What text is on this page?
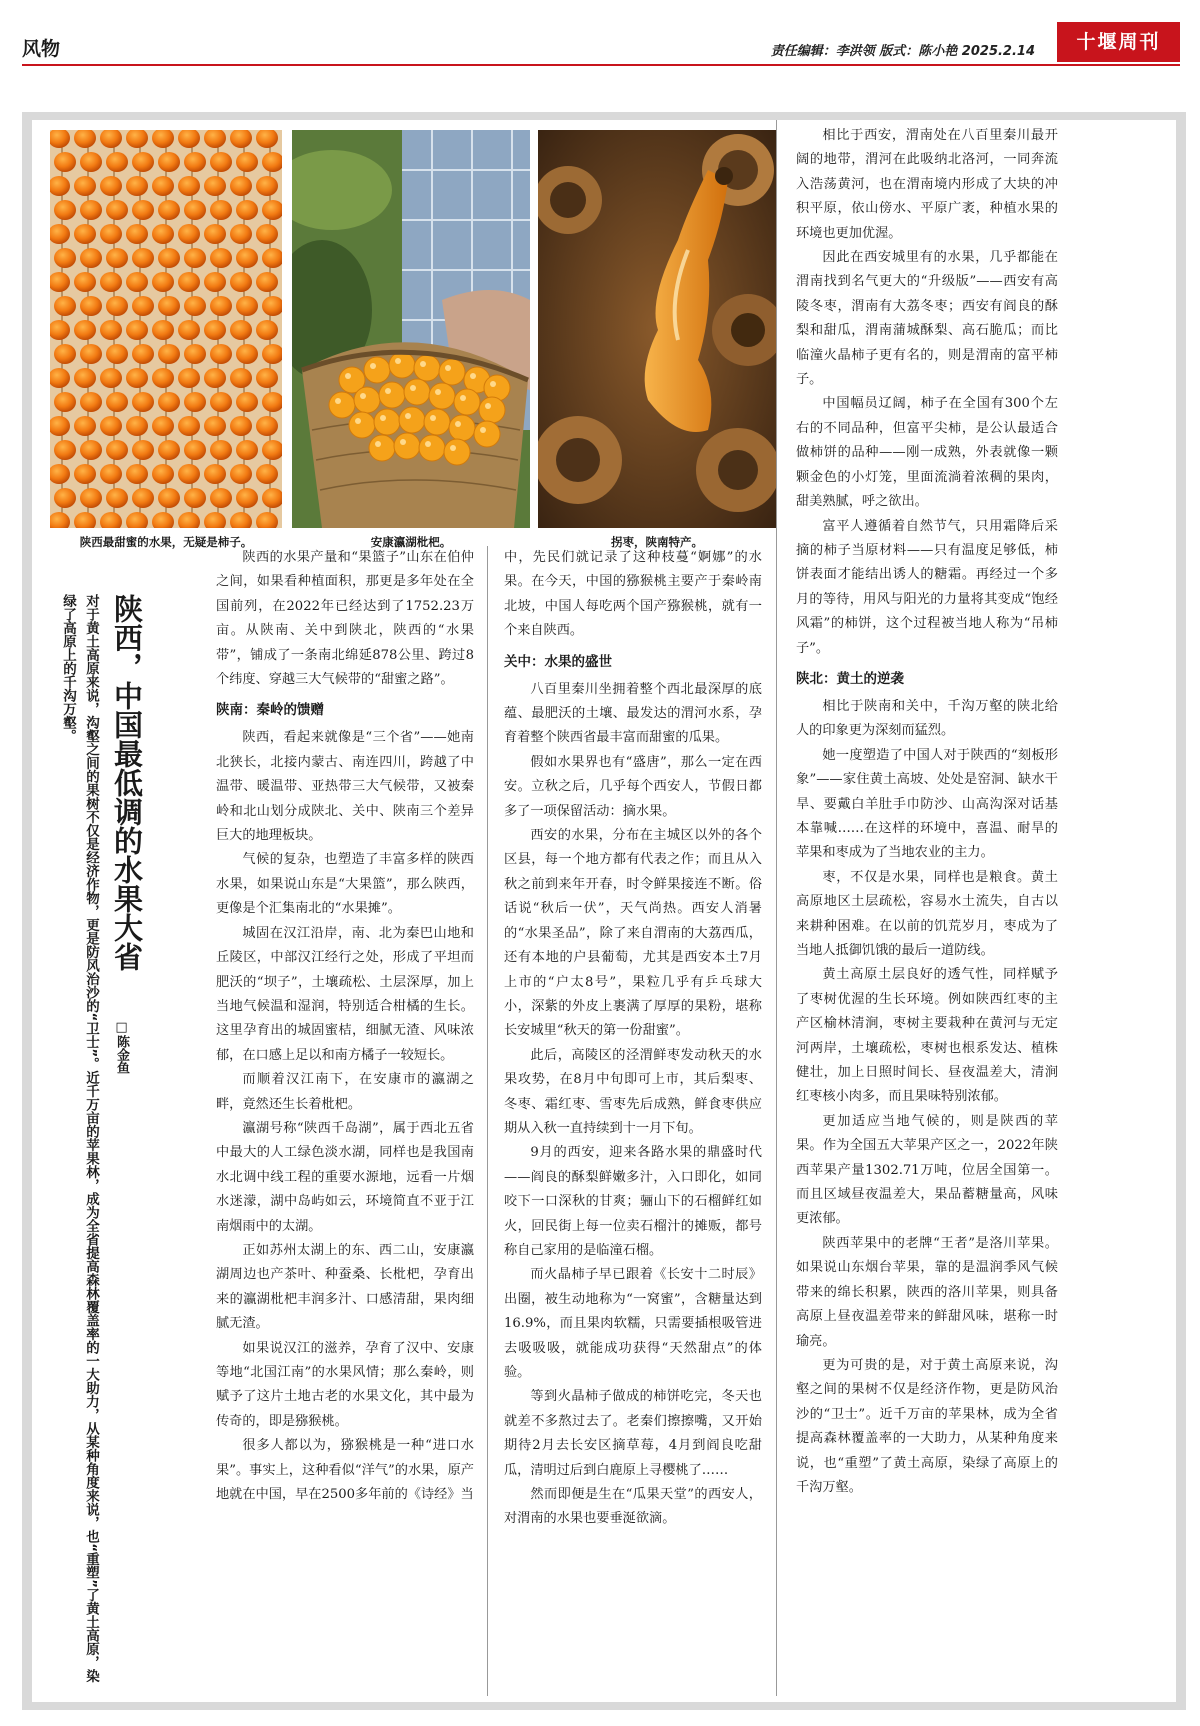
风物	责任编辑：李洪领 版式：陈小艳 2025.2.14	十堰周刊
陕西最甜蜜的水果，无疑是柿子。	安康瀛湖枇杷。	拐枣，陕南特产。
对于黄土高原来说，沟壑之间的果树不仅是经济作物，更是防风治沙的“卫士”。近千万亩的苹果林，成为全省提高森林覆盖率的一大助力，从某种角度来说，也“重塑”了黄土高原，染绿了高原上的千沟万壑。	陕西，中国最低调的水果大省
□陈金鱼

陕西的水果产量和“果篮子”山东在伯仲之间，如果看种植面积，那更是多年处在全国前列，在2022年已经达到了1752.23万亩。从陕南、关中到陕北，陕西的“水果带”，铺成了一条南北绵延878公里、跨过8个纬度、穿越三大气候带的“甜蜜之路”。

陕南：秦岭的馈赠

陕西，看起来就像是“三个省”——她南北狭长，北接内蒙古、南连四川，跨越了中温带、暖温带、亚热带三大气候带，又被秦岭和北山划分成陕北、关中、陕南三个差异巨大的地理板块。

气候的复杂，也塑造了丰富多样的陕西水果，如果说山东是“大果篮”，那么陕西，更像是个汇集南北的“水果摊”。

城固在汉江沿岸，南、北为秦巴山地和丘陵区，中部汉江经行之处，形成了平坦而肥沃的“坝子”，土壤疏松、土层深厚，加上当地气候温和湿润，特别适合柑橘的生长。这里孕育出的城固蜜桔，细腻无渣、风味浓郁，在口感上足以和南方橘子一较短长。

而顺着汉江南下，在安康市的瀛湖之畔，竟然还生长着枇杷。

瀛湖号称“陕西千岛湖”，属于西北五省中最大的人工绿色淡水湖，同样也是我国南水北调中线工程的重要水源地，远看一片烟水迷濛，湖中岛屿如云，环境简直不亚于江南烟雨中的太湖。

正如苏州太湖上的东、西二山，安康瀛湖周边也产茶叶、种蚕桑、长枇杷，孕育出来的瀛湖枇杷丰润多汁、口感清甜，果肉细腻无渣。

如果说汉江的滋养，孕育了汉中、安康等地“北国江南”的水果风情；那么秦岭，则赋予了这片土地古老的水果文化，其中最为传奇的，即是猕猴桃。

很多人都以为，猕猴桃是一种“进口水果”。事实上，这种看似“洋气”的水果，原产地就在中国，早在2500多年前的《诗经》当

中，先民们就记录了这种枝蔓“婀娜”的水果。在今天，中国的猕猴桃主要产于秦岭南北坡，中国人每吃两个国产猕猴桃，就有一个来自陕西。

关中：水果的盛世

八百里秦川坐拥着整个西北最深厚的底蕴、最肥沃的土壤、最发达的渭河水系，孕育着整个陕西省最丰富而甜蜜的瓜果。

假如水果界也有“盛唐”，那么一定在西安。立秋之后，几乎每个西安人，节假日都多了一项保留活动：摘水果。

西安的水果，分布在主城区以外的各个区县，每一个地方都有代表之作；而且从入秋之前到来年开春，时令鲜果接连不断。俗话说“秋后一伏”，天气尚热。西安人消暑的“水果圣品”，除了来自渭南的大荔西瓜，还有本地的户县葡萄，尤其是西安本土7月上市的“户太8号”，果粒几乎有乒乓球大小，深紫的外皮上裹满了厚厚的果粉，堪称长安城里“秋天的第一份甜蜜”。

此后，高陵区的泾渭鲜枣发动秋天的水果攻势，在8月中旬即可上市，其后梨枣、冬枣、霜红枣、雪枣先后成熟，鲜食枣供应期从入秋一直持续到十一月下旬。

9月的西安，迎来各路水果的鼎盛时代——阎良的酥梨鲜嫩多汁，入口即化，如同咬下一口深秋的甘爽；骊山下的石榴鲜红如火，回民街上每一位卖石榴汁的摊贩，都号称自己家用的是临潼石榴。

而火晶柿子早已跟着《长安十二时辰》出圈，被生动地称为“一窝蜜”，含糖量达到16.9%，而且果肉软糯，只需要插根吸管进去吸吸吸，就能成功获得“天然甜点”的体验。

等到火晶柿子做成的柿饼吃完，冬天也就差不多熬过去了。老秦们擦擦嘴，又开始期待2月去长安区摘草莓，4月到阎良吃甜瓜，清明过后到白鹿原上寻樱桃了……

然而即便是生在“瓜果天堂”的西安人，对渭南的水果也要垂涎欲滴。

相比于西安，渭南处在八百里秦川最开阔的地带，渭河在此吸纳北洛河，一同奔流入浩荡黄河，也在渭南境内形成了大块的冲积平原，依山傍水、平原广袤，种植水果的环境也更加优渥。

因此在西安城里有的水果，几乎都能在渭南找到名气更大的“升级版”——西安有高陵冬枣，渭南有大荔冬枣；西安有阎良的酥梨和甜瓜，渭南蒲城酥梨、高石脆瓜；而比临潼火晶柿子更有名的，则是渭南的富平柿子。

中国幅员辽阔，柿子在全国有300个左右的不同品种，但富平尖柿，是公认最适合做柿饼的品种——刚一成熟，外表就像一颗颗金色的小灯笼，里面流淌着浓稠的果肉，甜美熟腻，呼之欲出。

富平人遵循着自然节气，只用霜降后采摘的柿子当原材料——只有温度足够低，柿饼表面才能结出诱人的糖霜。再经过一个多月的等待，用风与阳光的力量将其变成“饱经风霜”的柿饼，这个过程被当地人称为“吊柿子”。

陕北：黄土的逆袭

相比于陕南和关中，千沟万壑的陕北给人的印象更为深刻而猛烈。

她一度塑造了中国人对于陕西的“刻板形象”——家住黄土高坡、处处是窑洞、缺水干旱、要戴白羊肚手巾防沙、山高沟深对话基本靠喊……在这样的环境中，喜温、耐旱的苹果和枣成为了当地农业的主力。

枣，不仅是水果，同样也是粮食。黄土高原地区土层疏松，容易水土流失，自古以来耕种困难。在以前的饥荒岁月，枣成为了当地人抵御饥饿的最后一道防线。

黄土高原土层良好的透气性，同样赋予了枣树优渥的生长环境。例如陕西红枣的主产区榆林清涧，枣树主要栽种在黄河与无定河两岸，土壤疏松，枣树也根系发达、植株健壮，加上日照时间长、昼夜温差大，清涧红枣核小肉多，而且果味特别浓郁。

更加适应当地气候的，则是陕西的苹果。作为全国五大苹果产区之一，2022年陕西苹果产量1302.71万吨，位居全国第一。而且区域昼夜温差大，果品蓄糖量高，风味更浓郁。

陕西苹果中的老牌“王者”是洛川苹果。如果说山东烟台苹果，靠的是温润季风气候带来的绵长积累，陕西的洛川苹果，则具备高原上昼夜温差带来的鲜甜风味，堪称一时瑜亮。

更为可贵的是，对于黄土高原来说，沟壑之间的果树不仅是经济作物，更是防风治沙的“卫士”。近千万亩的苹果林，成为全省提高森林覆盖率的一大助力，从某种角度来说，也“重塑”了黄土高原，染绿了高原上的千沟万壑。
